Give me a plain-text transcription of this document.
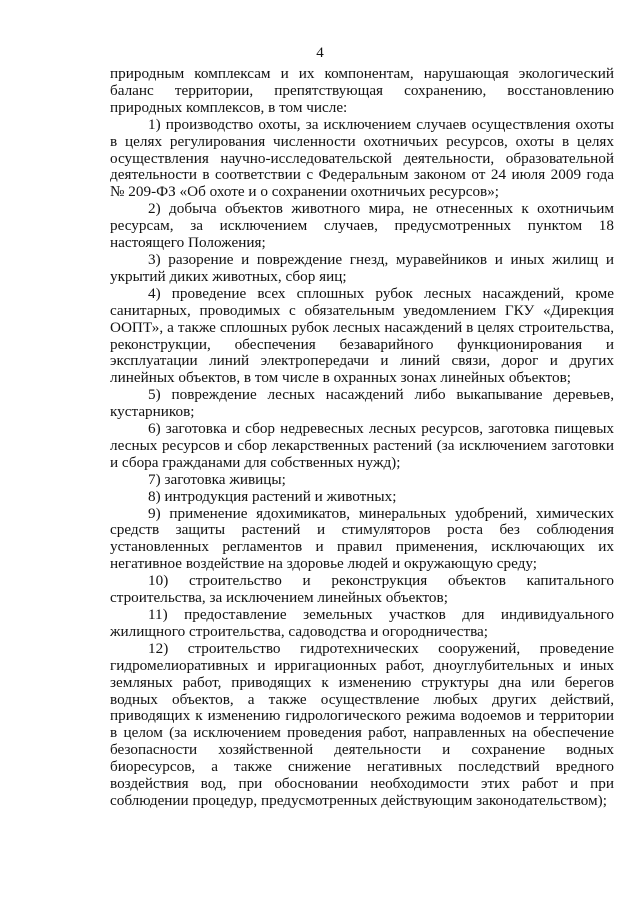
4

природным комплексам и их компонентам, нарушающая экологический баланс территории, препятствующая сохранению, восстановлению природных комплексов, в том числе:

1) производство охоты, за исключением случаев осуществления охоты в целях регулирования численности охотничьих ресурсов, охоты в целях осуществления научно-исследовательской деятельности, образовательной деятельности в соответствии с Федеральным законом от 24 июля 2009 года № 209-ФЗ «Об охоте и о сохранении охотничьих ресурсов»;

2) добыча объектов животного мира, не отнесенных к охотничьим ресурсам, за исключением случаев, предусмотренных пунктом 18 настоящего Положения;

3) разорение и повреждение гнезд, муравейников и иных жилищ и укрытий диких животных, сбор яиц;

4) проведение всех сплошных рубок лесных насаждений, кроме санитарных, проводимых с обязательным уведомлением ГКУ «Дирекция ООПТ», а также сплошных рубок лесных насаждений в целях строительства, реконструкции, обеспечения безаварийного функционирования и эксплуатации линий электропередачи и линий связи, дорог и других линейных объектов, в том числе в охранных зонах линейных объектов;

5) повреждение лесных насаждений либо выкапывание деревьев, кустарников;

6) заготовка и сбор недревесных лесных ресурсов, заготовка пищевых лесных ресурсов и сбор лекарственных растений (за исключением заготовки и сбора гражданами для собственных нужд);

7) заготовка живицы;

8) интродукция растений и животных;

9) применение ядохимикатов, минеральных удобрений, химических средств защиты растений и стимуляторов роста без соблюдения установленных регламентов и правил применения, исключающих их негативное воздействие на здоровье людей и окружающую среду;

10) строительство и реконструкция объектов капитального строительства, за исключением линейных объектов;

11) предоставление земельных участков для индивидуального жилищного строительства, садоводства и огородничества;

12) строительство гидротехнических сооружений, проведение гидромелиоративных и ирригационных работ, дноуглубительных и иных земляных работ, приводящих к изменению структуры дна или берегов водных объектов, а также осуществление любых других действий, приводящих к изменению гидрологического режима водоемов и территории в целом (за исключением проведения работ, направленных на обеспечение безопасности хозяйственной деятельности и сохранение водных биоресурсов, а также снижение негативных последствий вредного воздействия вод, при обосновании необходимости этих работ и при соблюдении процедур, предусмотренных действующим законодательством);
